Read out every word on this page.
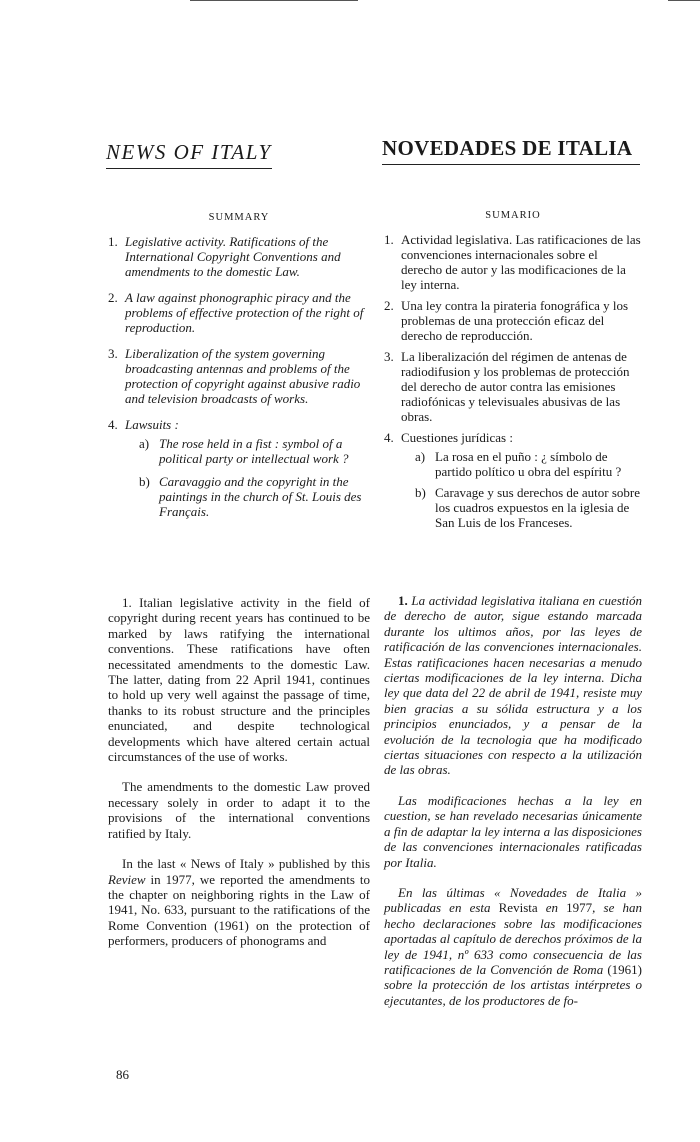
NEWS OF ITALY	NOVEDADES DE ITALIA
SUMMARY	SUMARIO
1. Legislative activity. Ratifications of the International Copyright Conventions and amendments to the domestic Law.
2. A law against phonographic piracy and the problems of effective protection of the right of reproduction.
3. Liberalization of the system governing broadcasting antennas and problems of the protection of copyright against abusive radio and television broadcasts of works.
4. Lawsuits :
a) The rose held in a fist : symbol of a political party or intellectual work ?
b) Caravaggio and the copyright in the paintings in the church of St. Louis des Français.
1. Actividad legislativa. Las ratificaciones de las convenciones internacionales sobre el derecho de autor y las modificaciones de la ley interna.
2. Una ley contra la pirateria fonográfica y los problemas de una protección eficaz del derecho de reproducción.
3. La liberalización del régimen de antenas de radiodifusion y los problemas de protección del derecho de autor contra las emisiones radiofónicas y televisuales abusivas de las obras.
4. Cuestiones jurídicas :
a) La rosa en el puño : ¿ símbolo de partido político u obra del espíritu ?
b) Caravage y sus derechos de autor sobre los cuadros expuestos en la iglesia de San Luis de los Franceses.

1. Italian legislative activity in the field of copyright during recent years has continued to be marked by laws ratifying the international conventions. These ratifications have often necessitated amendments to the domestic Law. The latter, dating from 22 April 1941, continues to hold up very well against the passage of time, thanks to its robust structure and the principles enunciated, and despite technological developments which have altered certain actual circumstances of the use of works.

The amendments to the domestic Law proved necessary solely in order to adapt it to the provisions of the international conventions ratified by Italy.

In the last « News of Italy » published by this Review in 1977, we reported the amendments to the chapter on neighboring rights in the Law of 1941, No. 633, pursuant to the ratifications of the Rome Convention (1961) on the protection of performers, producers of phonograms and

1. La actividad legislativa italiana en cuestión de derecho de autor, sigue estando marcada durante los ultimos años, por las leyes de ratificación de las convenciones internacionales. Estas ratificaciones hacen necesarias a menudo ciertas modificaciones de la ley interna. Dicha ley que data del 22 de abril de 1941, resiste muy bien gracias a su sólida estructura y a los principios enunciados, y a pensar de la evolución de la tecnologia que ha modificado ciertas situaciones con respecto a la utilización de las obras.

Las modificaciones hechas a la ley en cuestion, se han revelado necesarias únicamente a fin de adaptar la ley interna a las disposiciones de las convenciones internacionales ratificadas por Italia.

En las últimas « Novedades de Italia » publicadas en esta Revista en 1977, se han hecho declaraciones sobre las modificaciones aportadas al capítulo de derechos próximos de la ley de 1941, nº 633 como consecuencia de las ratificaciones de la Convención de Roma (1961) sobre la protección de los artistas intérpretes o ejecutantes, de los productores de fo-

86
